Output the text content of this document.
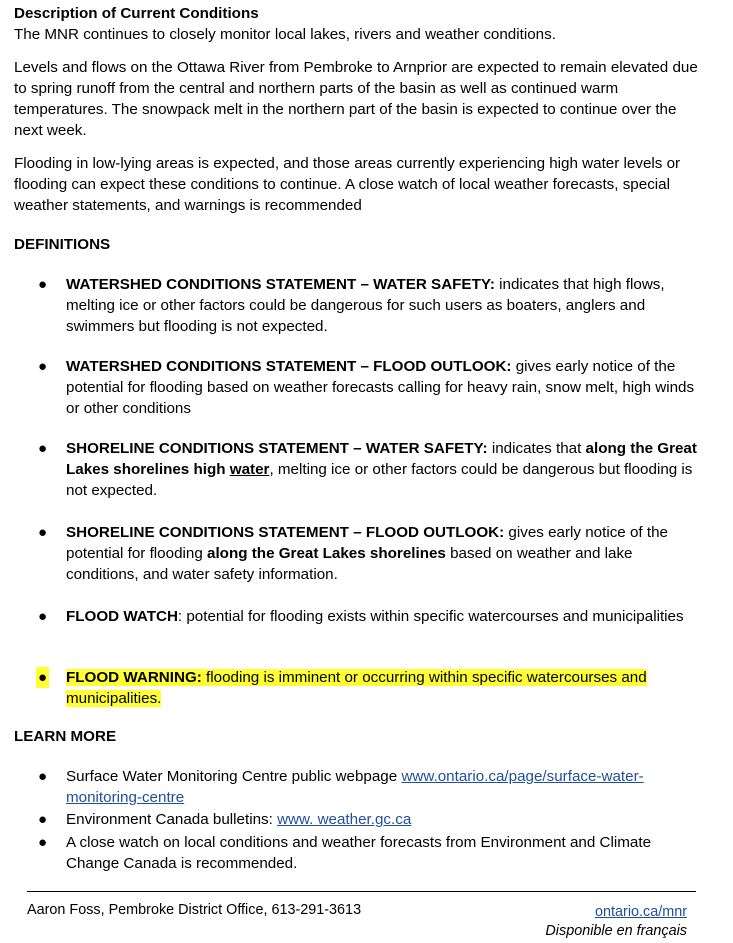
Description of Current Conditions

The MNR continues to closely monitor local lakes, rivers and weather conditions.

Levels and flows on the Ottawa River from Pembroke to Arnprior are expected to remain elevated due to spring runoff from the central and northern parts of the basin as well as continued warm temperatures. The snowpack melt in the northern part of the basin is expected to continue over the next week.

Flooding in low-lying areas is expected, and those areas currently experiencing high water levels or flooding can expect these conditions to continue. A close watch of local weather forecasts, special weather statements, and warnings is recommended

DEFINITIONS
● WATERSHED CONDITIONS STATEMENT – WATER SAFETY: indicates that high flows, melting ice or other factors could be dangerous for such users as boaters, anglers and swimmers but flooding is not expected.

● WATERSHED CONDITIONS STATEMENT – FLOOD OUTLOOK: gives early notice of the potential for flooding based on weather forecasts calling for heavy rain, snow melt, high winds or other conditions

● SHORELINE CONDITIONS STATEMENT – WATER SAFETY: indicates that along the Great Lakes shorelines high water, melting ice or other factors could be dangerous but flooding is not expected.

● SHORELINE CONDITIONS STATEMENT – FLOOD OUTLOOK: gives early notice of the potential for flooding along the Great Lakes shorelines based on weather and lake conditions, and water safety information.

● FLOOD WATCH: potential for flooding exists within specific watercourses and municipalities

● FLOOD WARNING: flooding is imminent or occurring within specific watercourses and municipalities.

LEARN MORE
● Surface Water Monitoring Centre public webpage www.ontario.ca/page/surface-water-monitoring-centre

● Environment Canada bulletins: www. weather.gc.ca

● A close watch on local conditions and weather forecasts from Environment and Climate Change Canada is recommended.

Aaron Foss, Pembroke District Office, 613-291-3613	ontario.ca/mnr
Disponible en français
